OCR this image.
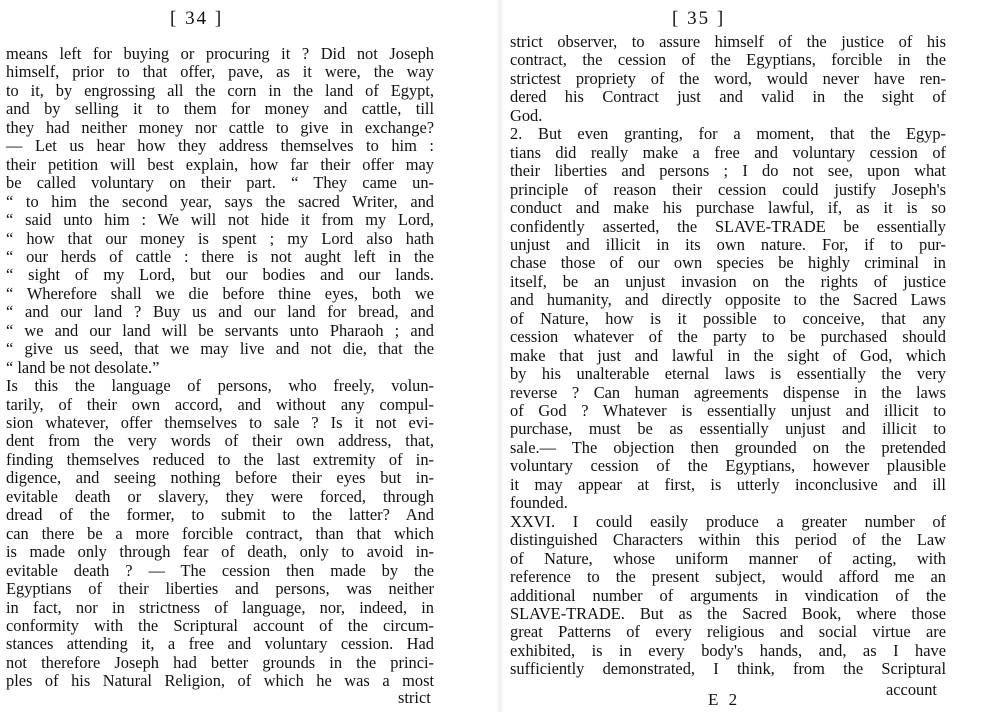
[ 34 ]
means left for buying or procuring it ? Did not Joseph
himself, prior to that offer, pave, as it were, the way
to it, by engrossing all the corn in the land of Egypt,
and by selling it to them for money and cattle, till
they had neither money nor cattle to give in exchange?
— Let us hear how they address themselves to him :
their petition will best explain, how far their offer may
be called voluntary on their part. “ They came un-
“ to him the second year, says the sacred Writer, and
“ said unto him : We will not hide it from my Lord,
“ how that our money is spent ; my Lord also hath
“ our herds of cattle : there is not aught left in the
“ sight of my Lord, but our bodies and our lands.
“ Wherefore shall we die before thine eyes, both we
“ and our land ? Buy us and our land for bread, and
“ we and our land will be servants unto Pharaoh ; and
“ give us seed, that we may live and not die, that the
“ land be not desolate.”
Is this the language of persons, who freely, volun-
tarily, of their own accord, and without any compul-
sion whatever, offer themselves to sale ? Is it not evi-
dent from the very words of their own address, that,
finding themselves reduced to the last extremity of in-
digence, and seeing nothing before their eyes but in-
evitable death or slavery, they were forced, through
dread of the former, to submit to the latter? And
can there be a more forcible contract, than that which
is made only through fear of death, only to avoid in-
evitable death ? — The cession then made by the
Egyptians of their liberties and persons, was neither
in fact, nor in strictness of language, nor, indeed, in
conformity with the Scriptural account of the circum-
stances attending it, a free and voluntary cession. Had
not therefore Joseph had better grounds in the princi-
ples of his Natural Religion, of which he was a most
strict
[ 35 ]
strict observer, to assure himself of the justice of his
contract, the cession of the Egyptians, forcible in the
strictest propriety of the word, would never have ren-
dered his Contract just and valid in the sight of
God.
2. But even granting, for a moment, that the Egyp-
tians did really make a free and voluntary cession of
their liberties and persons ; I do not see, upon what
principle of reason their cession could justify Joseph's
conduct and make his purchase lawful, if, as it is so
confidently asserted, the SLAVE-TRADE be essentially
unjust and illicit in its own nature. For, if to pur-
chase those of our own species be highly criminal in
itself, be an unjust invasion on the rights of justice
and humanity, and directly opposite to the Sacred Laws
of Nature, how is it possible to conceive, that any
cession whatever of the party to be purchased should
make that just and lawful in the sight of God, which
by his unalterable eternal laws is essentially the very
reverse ? Can human agreements dispense in the laws
of God ? Whatever is essentially unjust and illicit to
purchase, must be as essentially unjust and illicit to
sale.— The objection then grounded on the pretended
voluntary cession of the Egyptians, however plausible
it may appear at first, is utterly inconclusive and ill
founded.
XXVI. I could easily produce a greater number of
distinguished Characters within this period of the Law
of Nature, whose uniform manner of acting, with
reference to the present subject, would afford me an
additional number of arguments in vindication of the
SLAVE-TRADE. But as the Sacred Book, where those
great Patterns of every religious and social virtue are
exhibited, is in every body's hands, and, as I have
sufficiently demonstrated, I think, from the Scriptural
E 2
account
